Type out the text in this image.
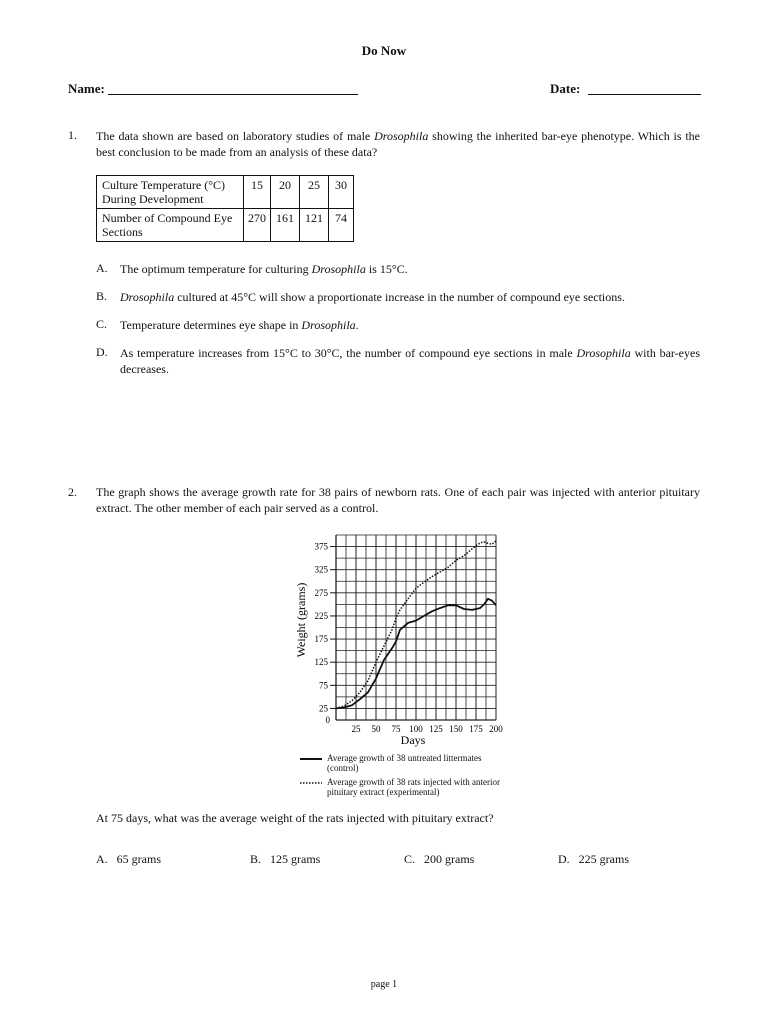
Do Now
Name:	Date:
1. The data shown are based on laboratory studies of male Drosophila showing the inherited bar-eye phenotype. Which is the best conclusion to be made from an analysis of these data?
Culture Temperature (°C) During Development	15	20	25	30
Number of Compound Eye Sections	270	161	121	74
A. The optimum temperature for culturing Drosophila is 15°C.
B. Drosophila cultured at 45°C will show a proportionate increase in the number of compound eye sections.
C. Temperature determines eye shape in Drosophila.
D. As temperature increases from 15°C to 30°C, the number of compound eye sections in male Drosophila with bar-eyes decreases.
2. The graph shows the average growth rate for 38 pairs of newborn rats. One of each pair was injected with anterior pituitary extract. The other member of each pair served as a control.
0
25
75
125
175
225
275
325
375
25 50 75 100 125 150 175 200
Days
Weight (grams)
Average growth of 38 untreated littermates (control)
Average growth of 38 rats injected with anterior pituitary extract (experimental)
At 75 days, what was the average weight of the rats injected with pituitary extract?
A. 65 grams	B. 125 grams	C. 200 grams	D. 225 grams
page 1
